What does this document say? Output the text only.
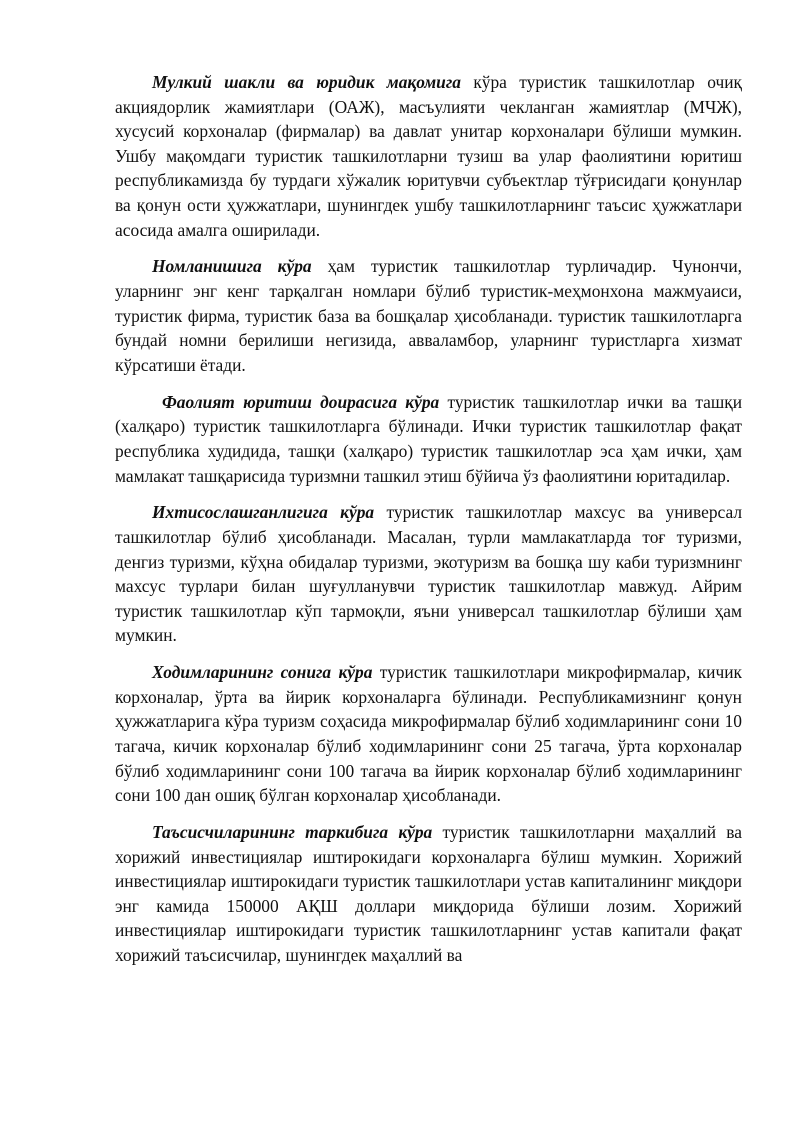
Мулкий шакли ва юридик мақомига кўра туристик ташкилотлар очиқ акциядорлик жамиятлари (ОАЖ), масъулияти чекланган жамиятлар (МЧЖ), хусусий корхоналар (фирмалар) ва давлат унитар корхоналари бўлиши мумкин. Ушбу мақомдаги туристик ташкилотларни тузиш ва улар фаолиятини юритиш республикамизда бу турдаги хўжалик юритувчи субъектлар тўғрисидаги қонунлар ва қонун ости ҳужжатлари, шунингдек ушбу ташкилотларнинг таъсис ҳужжатлари асосида амалга оширилади.

Номланишига кўра ҳам туристик ташкилотлар турличадир. Чунончи, уларнинг энг кенг тарқалган номлари бўлиб туристик-меҳмонхона мажмуаиси, туристик фирма, туристик база ва бошқалар ҳисобланади. туристик ташкилотларга бундай номни берилиши негизида, авваламбор, уларнинг туристларга хизмат кўрсатиши ётади.

Фаолият юритиш доирасига кўра туристик ташкилотлар ички ва ташқи (халқаро) туристик ташкилотларга бўлинади. Ички туристик ташкилотлар фақат республика худидида, ташқи (халқаро) туристик ташкилотлар эса ҳам ички, ҳам мамлакат ташқарисида туризмни ташкил этиш бўйича ўз фаолиятини юритадилар.

Ихтисослашганлигига кўра туристик ташкилотлар махсус ва универсал ташкилотлар бўлиб ҳисобланади. Масалан, турли мамлакатларда тоғ туризми, денгиз туризми, кўҳна обидалар туризми, экотуризм ва бошқа шу каби туризмнинг махсус турлари билан шуғулланувчи туристик ташкилотлар мавжуд. Айрим туристик ташкилотлар кўп тармоқли, яъни универсал ташкилотлар бўлиши ҳам мумкин.

Ходимларининг сонига кўра туристик ташкилотлари микрофирмалар, кичик корхоналар, ўрта ва йирик корхоналарга бўлинади. Республикамизнинг қонун ҳужжатларига кўра туризм соҳасида микрофирмалар бўлиб ходимларининг сони 10 тагача, кичик корхоналар бўлиб ходимларининг сони 25 тагача, ўрта корхоналар бўлиб ходимларининг сони 100 тагача ва йирик корхоналар бўлиб ходимларининг сони 100 дан ошиқ бўлган корхоналар ҳисобланади.

Таъсисчиларининг таркибига кўра туристик ташкилотларни маҳаллий ва хорижий инвестициялар иштирокидаги корхоналарга бўлиш мумкин. Хорижий инвестициялар иштирокидаги туристик ташкилотлари устав капиталининг миқдори энг камида 150000 АҚШ доллари миқдорида бўлиши лозим. Хорижий инвестициялар иштирокидаги туристик ташкилотларнинг устав капитали фақат хорижий таъсисчилар, шунингдек маҳаллий ва
